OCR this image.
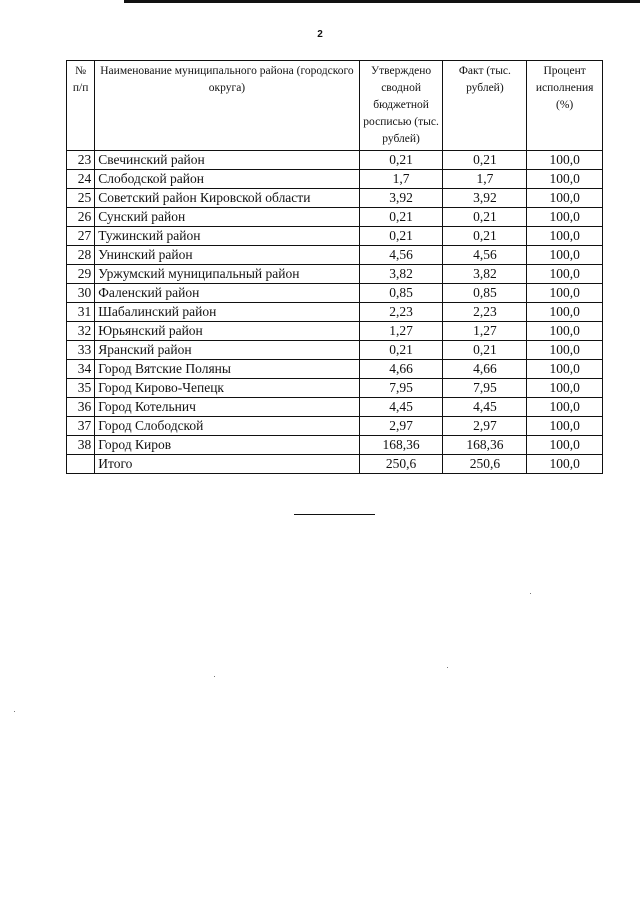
2
№ п/п	Наименование муниципального района (городского округа)	Утверждено сводной бюджетной росписью (тыс. рублей)	Факт (тыс. рублей)	Процент исполнения (%)
23	Свечинский район	0,21	0,21	100,0
24	Слободской район	1,7	1,7	100,0
25	Советский район Кировской области	3,92	3,92	100,0
26	Сунский район	0,21	0,21	100,0
27	Тужинский район	0,21	0,21	100,0
28	Унинский район	4,56	4,56	100,0
29	Уржумский муниципальный район	3,82	3,82	100,0
30	Фаленский район	0,85	0,85	100,0
31	Шабалинский район	2,23	2,23	100,0
32	Юрьянский район	1,27	1,27	100,0
33	Яранский район	0,21	0,21	100,0
34	Город Вятские Поляны	4,66	4,66	100,0
35	Город Кирово-Чепецк	7,95	7,95	100,0
36	Город Котельнич	4,45	4,45	100,0
37	Город Слободской	2,97	2,97	100,0
38	Город Киров	168,36	168,36	100,0
	Итого	250,6	250,6	100,0
